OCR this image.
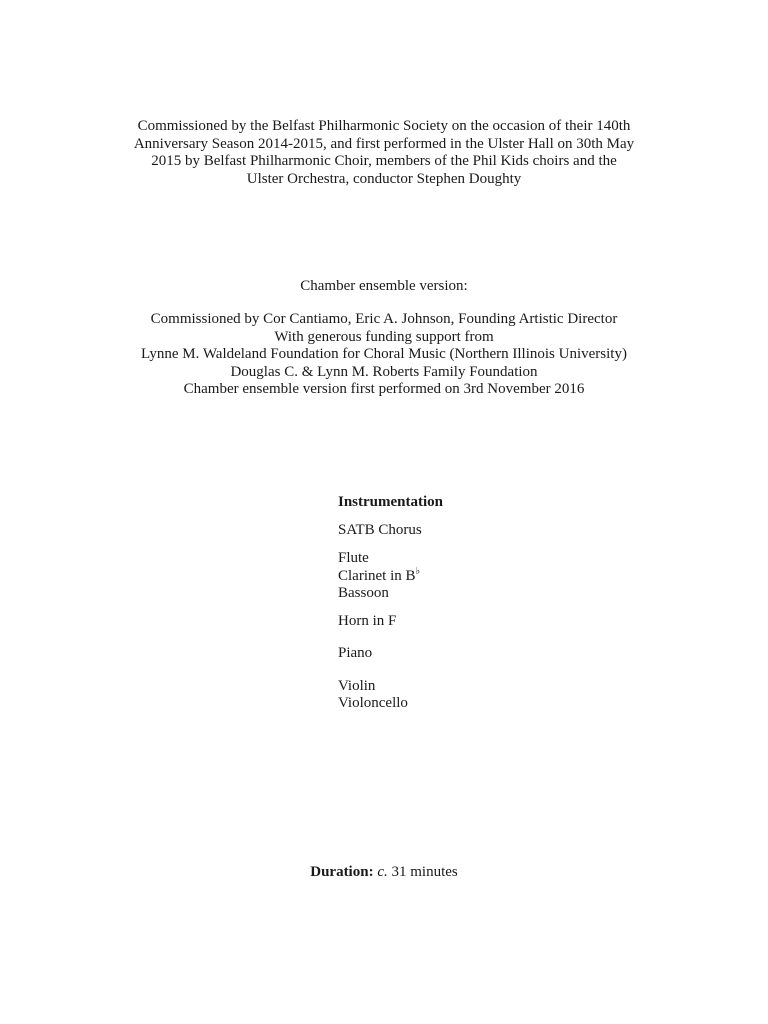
Commissioned by the Belfast Philharmonic Society on the occasion of their 140th
Anniversary Season 2014-2015, and first performed in the Ulster Hall on 30th May
2015 by Belfast Philharmonic Choir, members of the Phil Kids choirs and the
Ulster Orchestra, conductor Stephen Doughty
Chamber ensemble version:
Commissioned by Cor Cantiamo, Eric A. Johnson, Founding Artistic Director
With generous funding support from
Lynne M. Waldeland Foundation for Choral Music (Northern Illinois University)
Douglas C. & Lynn M. Roberts Family Foundation
Chamber ensemble version first performed on 3rd November 2016
Instrumentation
SATB Chorus
Flute
Clarinet in B♭
Bassoon
Horn in F
Piano
Violin
Violoncello
Duration: c. 31 minutes
